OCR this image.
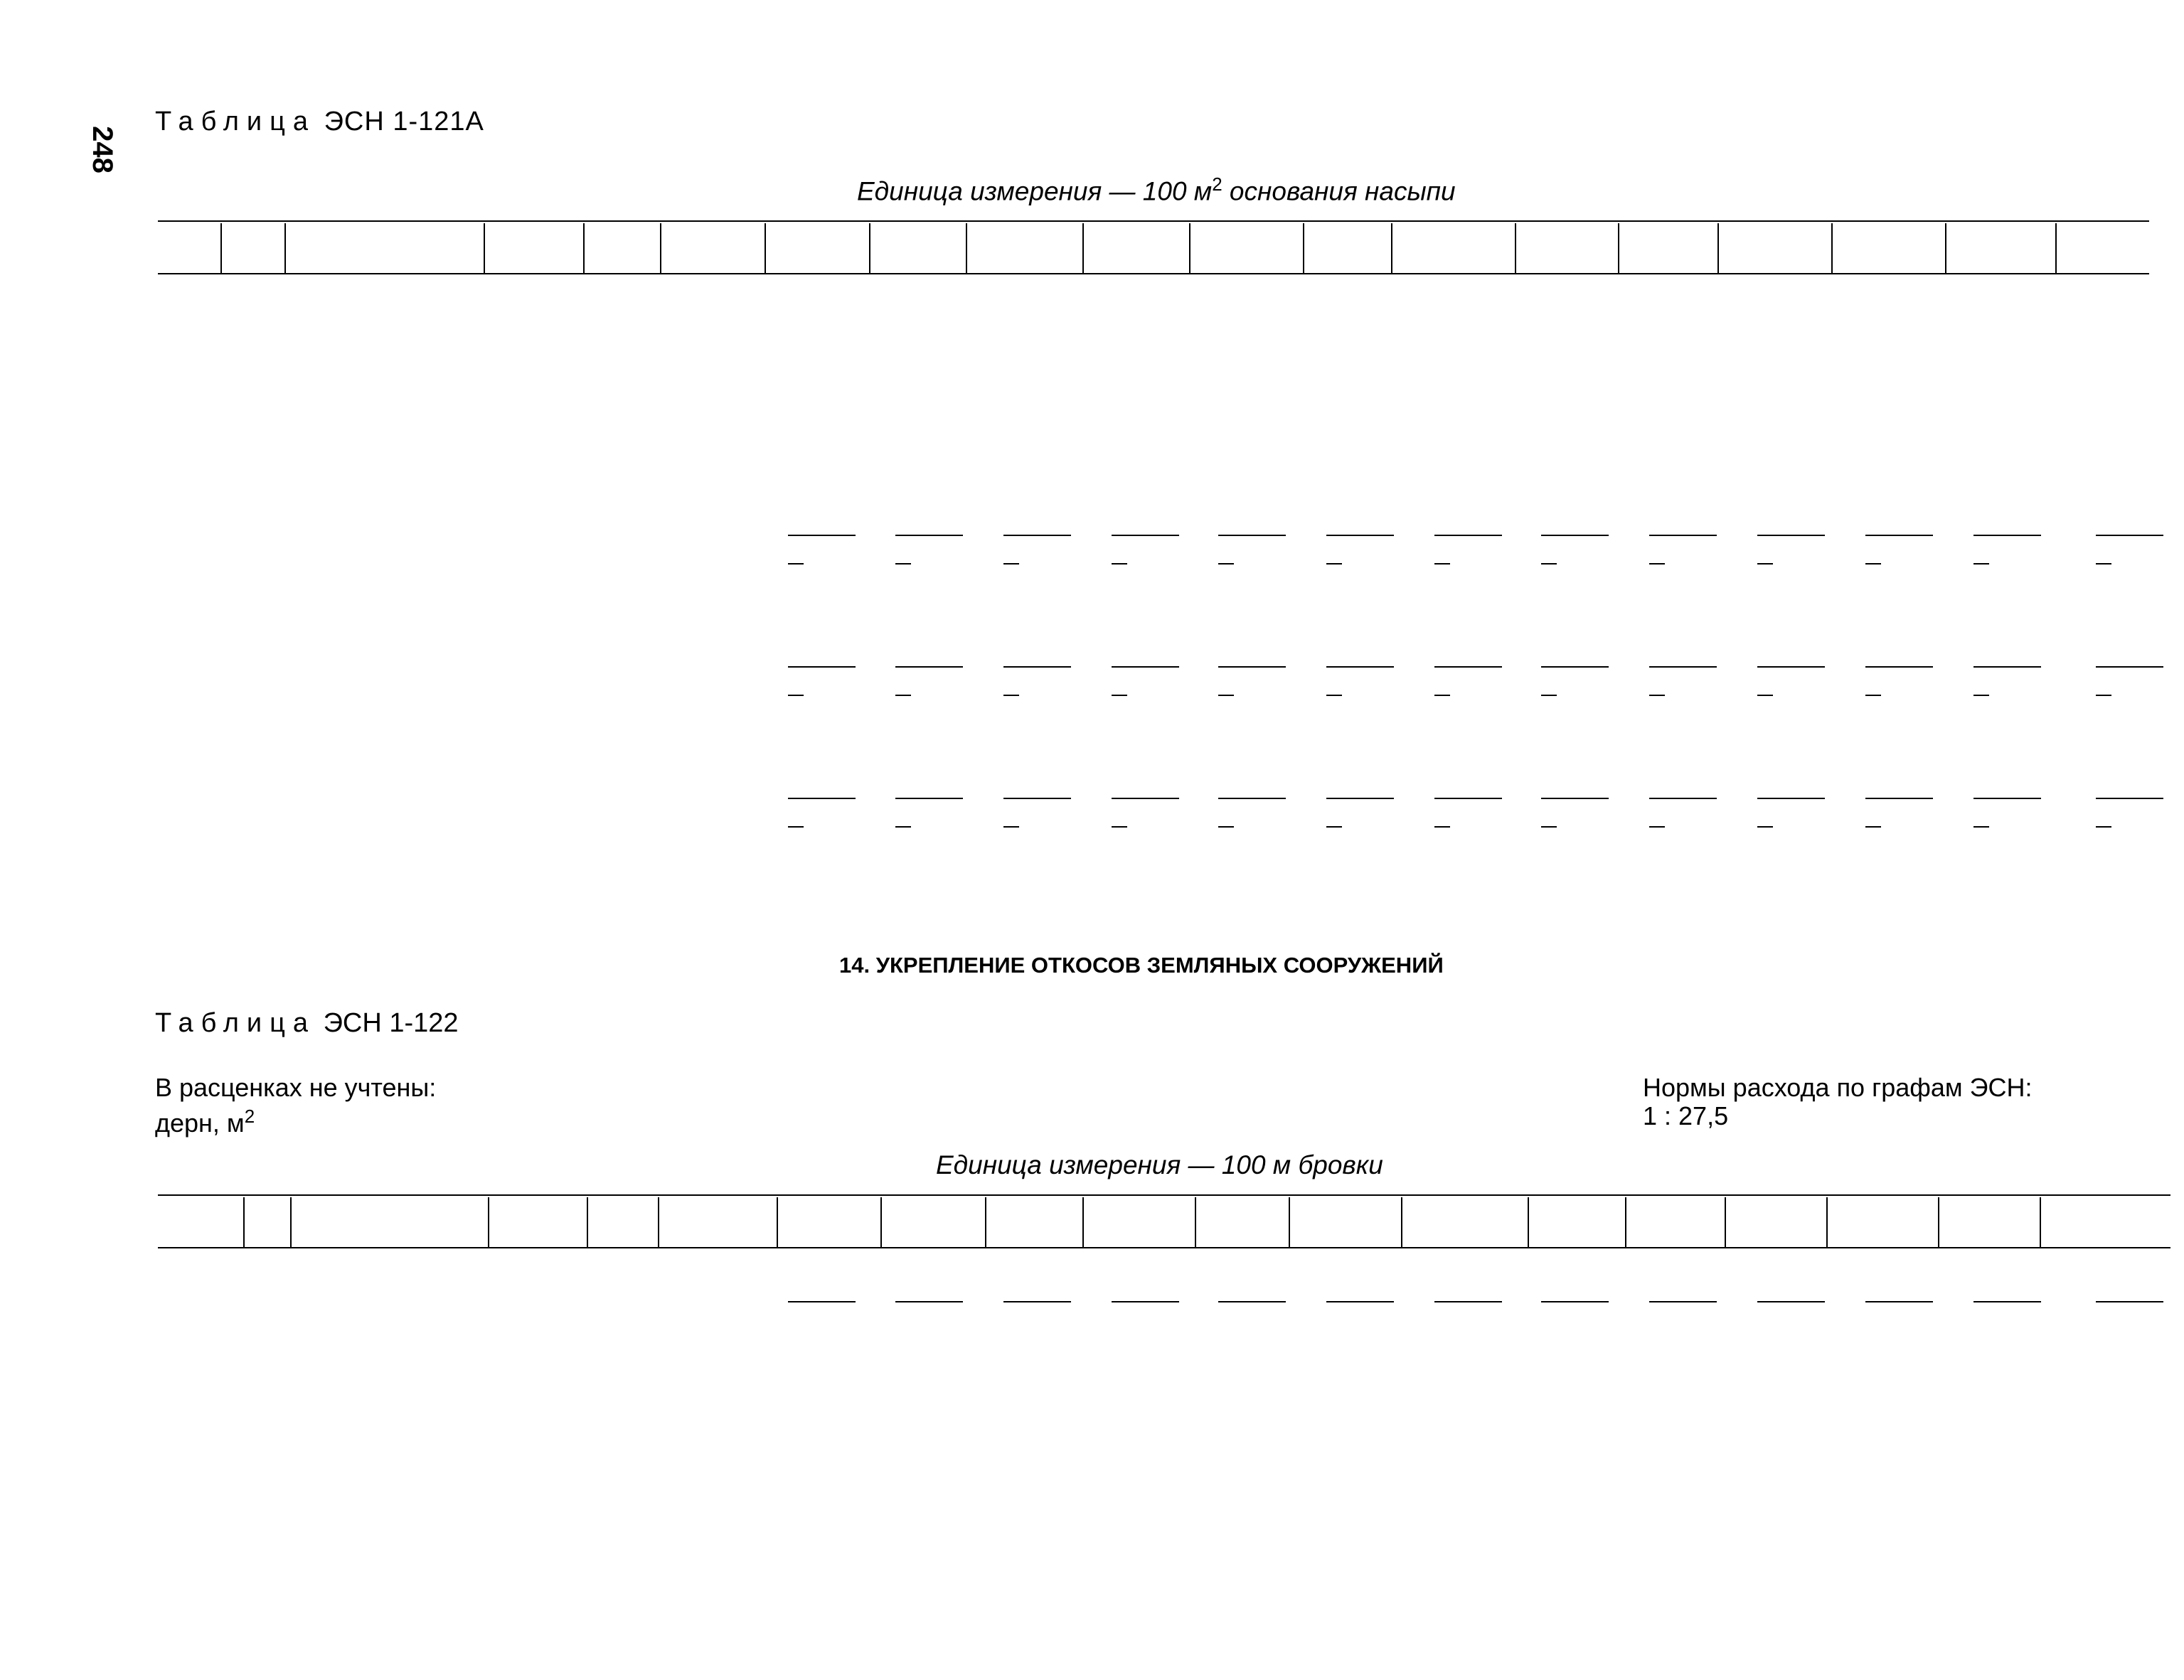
248
Таблица ЭСН 1-121А
Единица измерения — 100 $м^2$ основания насыпи
14. УКРЕПЛЕНИЕ ОТКОСОВ ЗЕМЛЯНЫХ СООРУЖЕНИЙ
Таблица ЭСН 1-122
В расценках не учтены:
дерн, $м^2$
Нормы расхода по графам ЭСН:
1 : 27,5
Единица измерения — 100 м бровки
